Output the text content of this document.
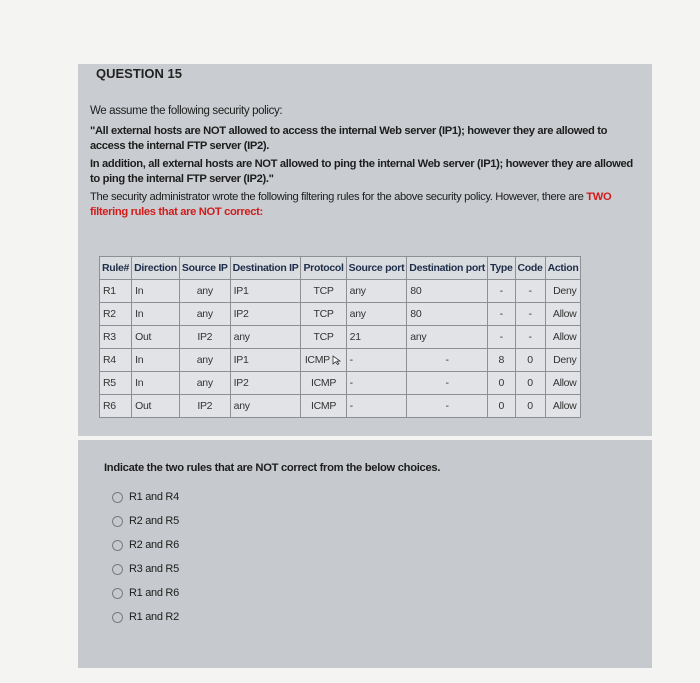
QUESTION 15

We assume the following security policy:

"All external hosts are NOT allowed to access the internal Web server (IP1); however they are allowed to access the internal FTP server (IP2).

In addition, all external hosts are NOT allowed to ping the internal Web server (IP1); however they are allowed to ping the internal FTP server (IP2)."

The security administrator wrote the following filtering rules for the above security policy. However, there are TWO filtering rules that are NOT correct:

Rule#	Direction	Source IP	Destination IP	Protocol	Source port	Destination port	Type	Code	Action
R1	In	any	IP1	TCP	any	80	-	-	Deny
R2	In	any	IP2	TCP	any	80	-	-	Allow
R3	Out	IP2	any	TCP	21	any	-	-	Allow
R4	In	any	IP1	ICMP	-	-	8	0	Deny
R5	In	any	IP2	ICMP	-	-	0	0	Allow
R6	Out	IP2	any	ICMP	-	-	0	0	Allow
Indicate the two rules that are NOT correct from the below choices.
R1 and R4
R2 and R5
R2 and R6
R3 and R5
R1 and R6
R1 and R2
